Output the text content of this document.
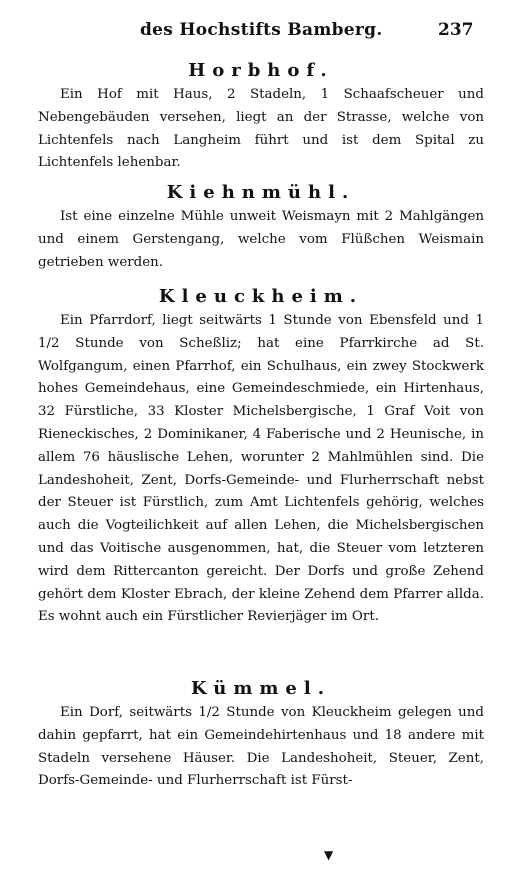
des Hochstifts Bamberg.	237
Horbhof.

Ein Hof mit Haus, 2 Stadeln, 1 Schaafscheuer und Nebengebäuden versehen, liegt an der Strasse, welche von Lichtenfels nach Langheim führt und ist dem Spital zu Lichtenfels lehenbar.

Kiehnmühl.

Ist eine einzelne Mühle unweit Weismayn mit 2 Mahlgängen und einem Gerstengang, welche vom Flüßchen Weismain getrieben werden.

Kleuckheim.

Ein Pfarrdorf, liegt seitwärts 1 Stunde von Ebensfeld und 1 1/2 Stunde von Scheßliz; hat eine Pfarrkirche ad St. Wolfgangum, einen Pfarrhof, ein Schulhaus, ein zwey Stockwerk hohes Gemeindehaus, eine Gemeindeschmiede, ein Hirtenhaus, 32 Fürstliche, 33 Kloster Michelsbergische, 1 Graf Voit von Rieneckisches, 2 Dominikaner, 4 Faberische und 2 Heunische, in allem 76 häuslische Lehen, worunter 2 Mahlmühlen sind. Die Landeshoheit, Zent, Dorfs-Gemeinde- und Flurherrschaft nebst der Steuer ist Fürstlich, zum Amt Lichtenfels gehörig, welches auch die Vogteilichkeit auf allen Lehen, die Michelsbergischen und das Voitische ausgenommen, hat, die Steuer vom letzteren wird dem Rittercanton gereicht. Der Dorfs und große Zehend gehört dem Kloster Ebrach, der kleine Zehend dem Pfarrer allda. Es wohnt auch ein Fürstlicher Revierjäger im Ort.

Kümmel.

Ein Dorf, seitwärts 1/2 Stunde von Kleuckheim gelegen und dahin gepfarrt, hat ein Gemeindehirtenhaus und 18 andere mit Stadeln versehene Häuser. Die Landeshoheit, Steuer, Zent, Dorfs-Gemeinde- und Flurherrschaft ist Fürst-

▼
